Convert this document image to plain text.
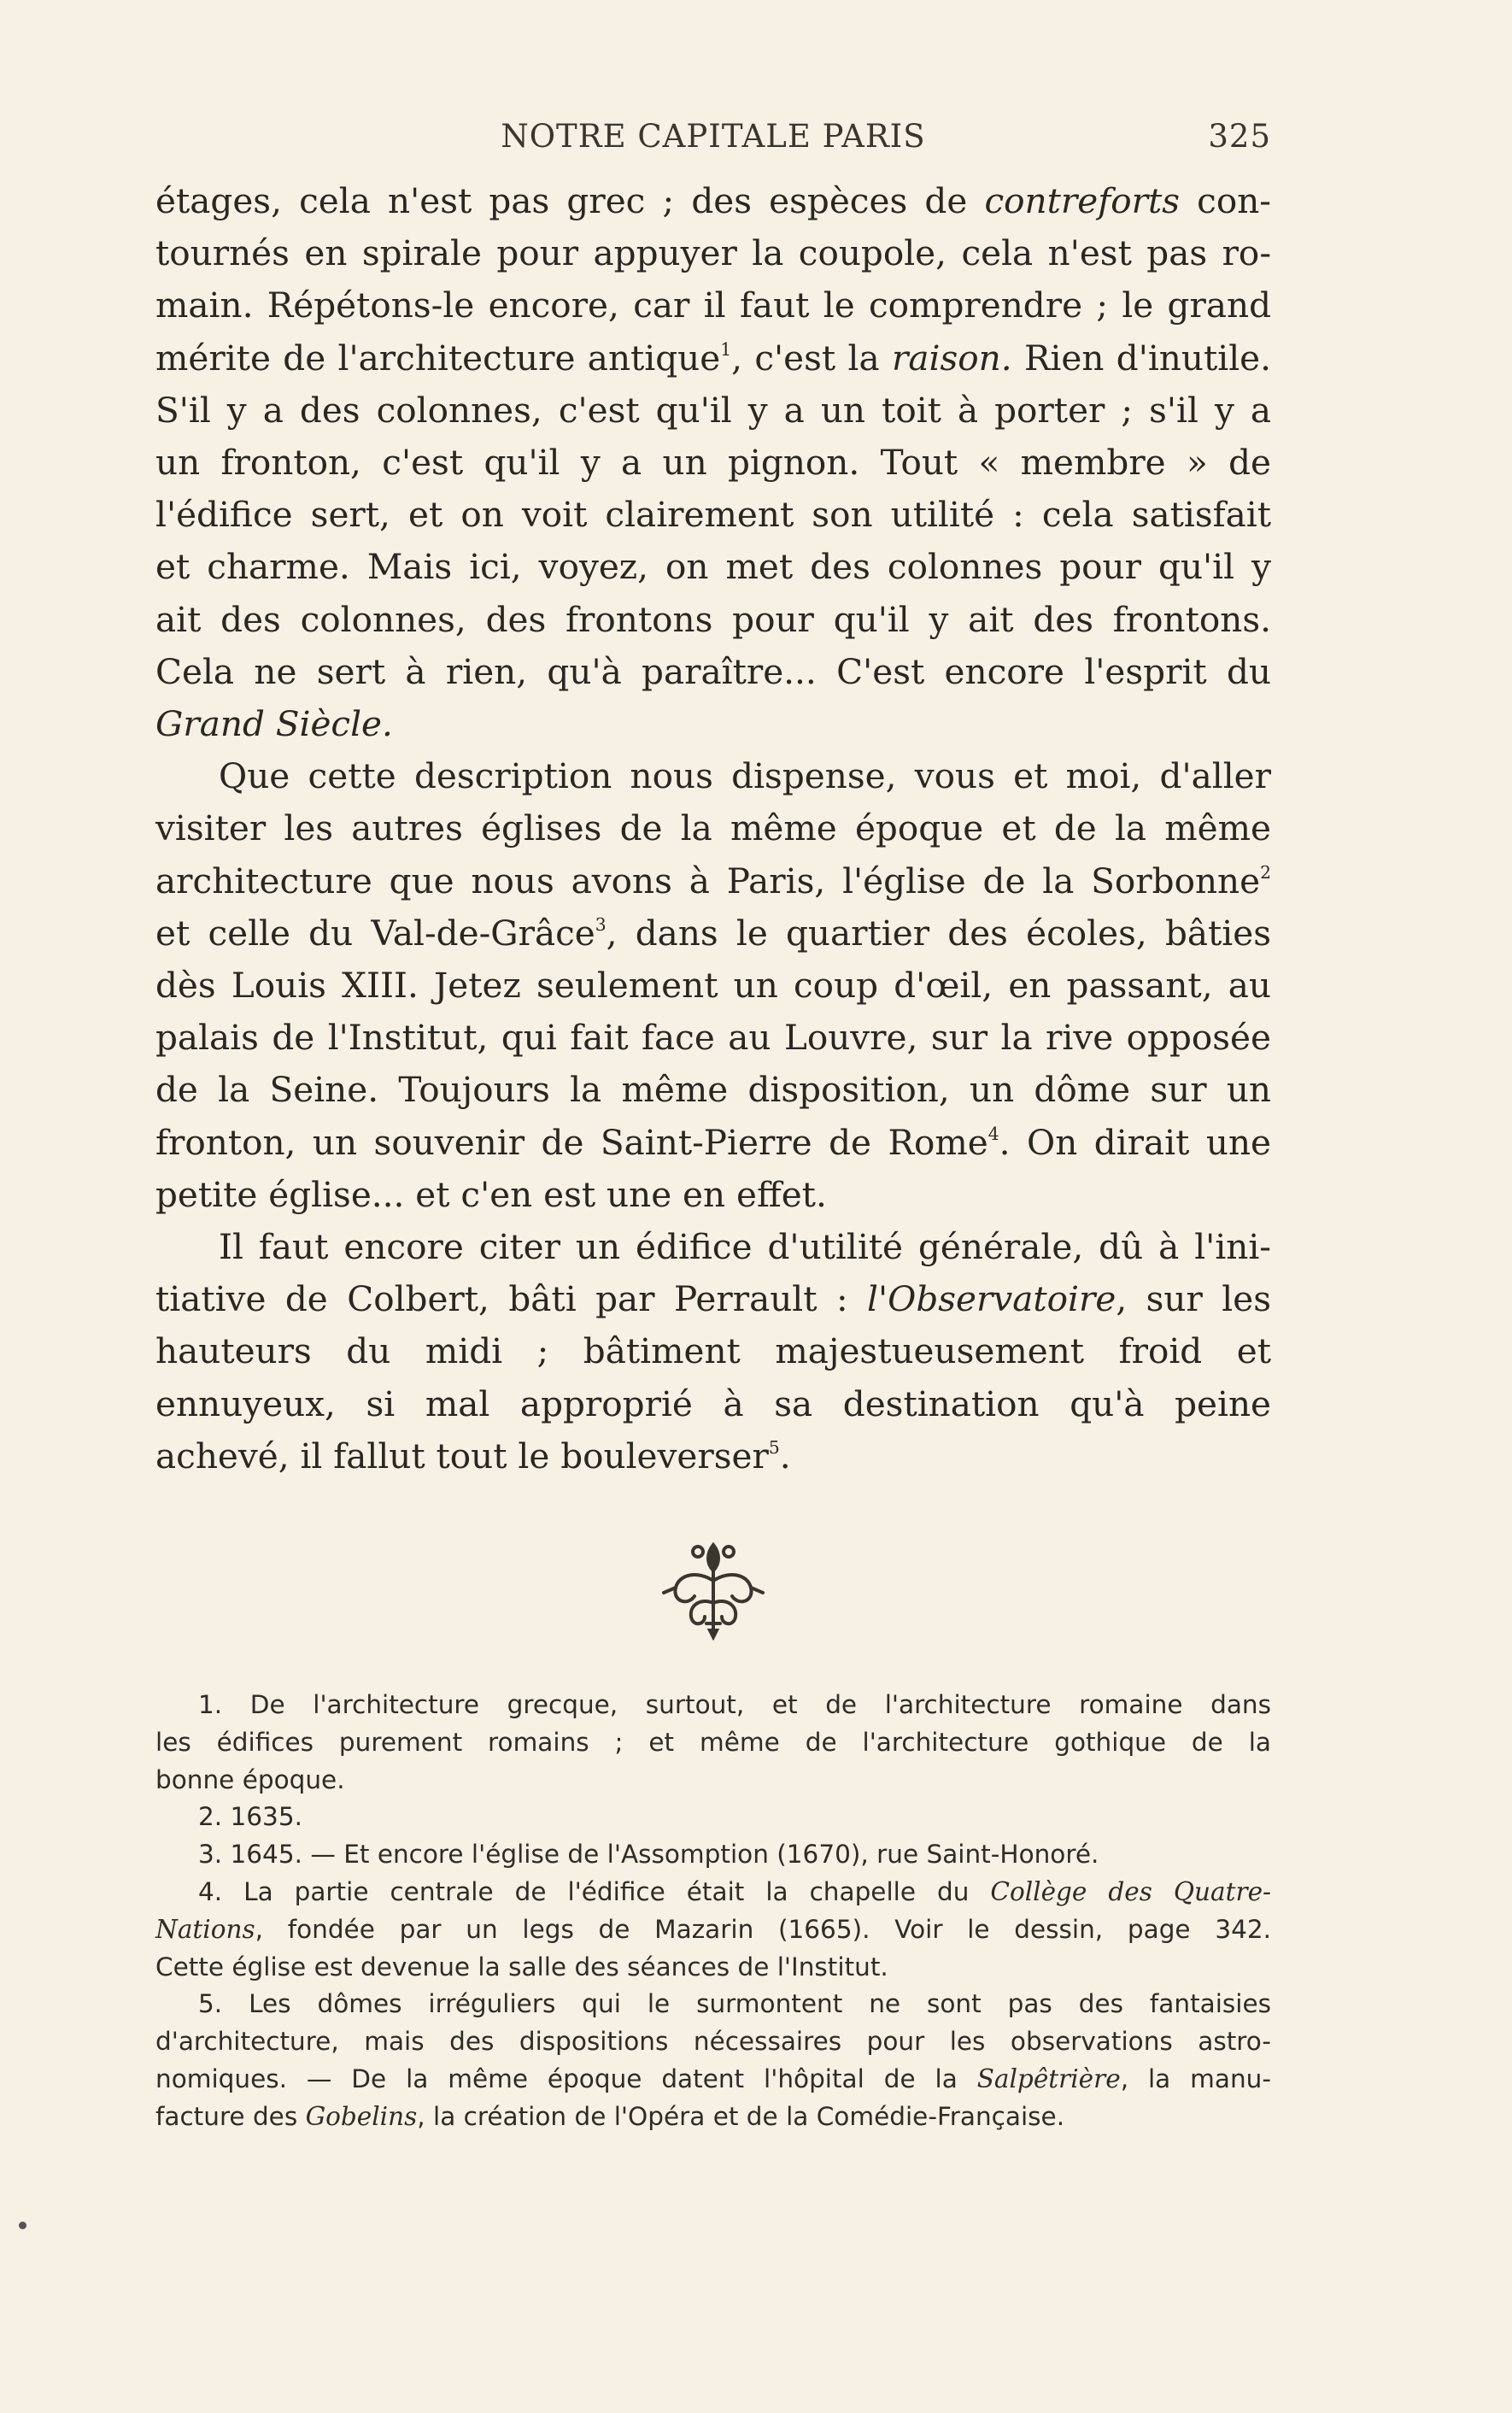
NOTRE CAPITALE PARIS	325

étages, cela n'est pas grec ; des espèces de contreforts con-
tournés en spirale pour appuyer la coupole, cela n'est pas ro-
main. Répétons-le encore, car il faut le comprendre ; le grand
mérite de l'architecture antique$^1$, c'est la raison. Rien d'inutile.
S'il y a des colonnes, c'est qu'il y a un toit à porter ; s'il y a
un fronton, c'est qu'il y a un pignon. Tout « membre » de
l'édifice sert, et on voit clairement son utilité : cela satisfait
et charme. Mais ici, voyez, on met des colonnes pour qu'il y
ait des colonnes, des frontons pour qu'il y ait des frontons.
Cela ne sert à rien, qu'à paraître... C'est encore l'esprit du
Grand Siècle.

Que cette description nous dispense, vous et moi, d'aller
visiter les autres églises de la même époque et de la même
architecture que nous avons à Paris, l'église de la Sorbonne$^2$
et celle du Val-de-Grâce$^3$, dans le quartier des écoles, bâties
dès Louis XIII. Jetez seulement un coup d'œil, en passant, au
palais de l'Institut, qui fait face au Louvre, sur la rive opposée
de la Seine. Toujours la même disposition, un dôme sur un
fronton, un souvenir de Saint-Pierre de Rome$^4$. On dirait une
petite église... et c'en est une en effet.

Il faut encore citer un édifice d'utilité générale, dû à l'ini-
tiative de Colbert, bâti par Perrault : l'Observatoire, sur les
hauteurs du midi ; bâtiment majestueusement froid et
ennuyeux, si mal approprié à sa destination qu'à peine
achevé, il fallut tout le bouleverser$^5$.

1. De l'architecture grecque, surtout, et de l'architecture romaine dans
les édifices purement romains ; et même de l'architecture gothique de la
bonne époque.

2. 1635.

3. 1645. — Et encore l'église de l'Assomption (1670), rue Saint-Honoré.

4. La partie centrale de l'édifice était la chapelle du Collège des Quatre-
Nations, fondée par un legs de Mazarin (1665). Voir le dessin, page 342.
Cette église est devenue la salle des séances de l'Institut.

5. Les dômes irréguliers qui le surmontent ne sont pas des fantaisies
d'architecture, mais des dispositions nécessaires pour les observations astro-
nomiques. — De la même époque datent l'hôpital de la Salpêtrière, la manu-
facture des Gobelins, la création de l'Opéra et de la Comédie-Française.
